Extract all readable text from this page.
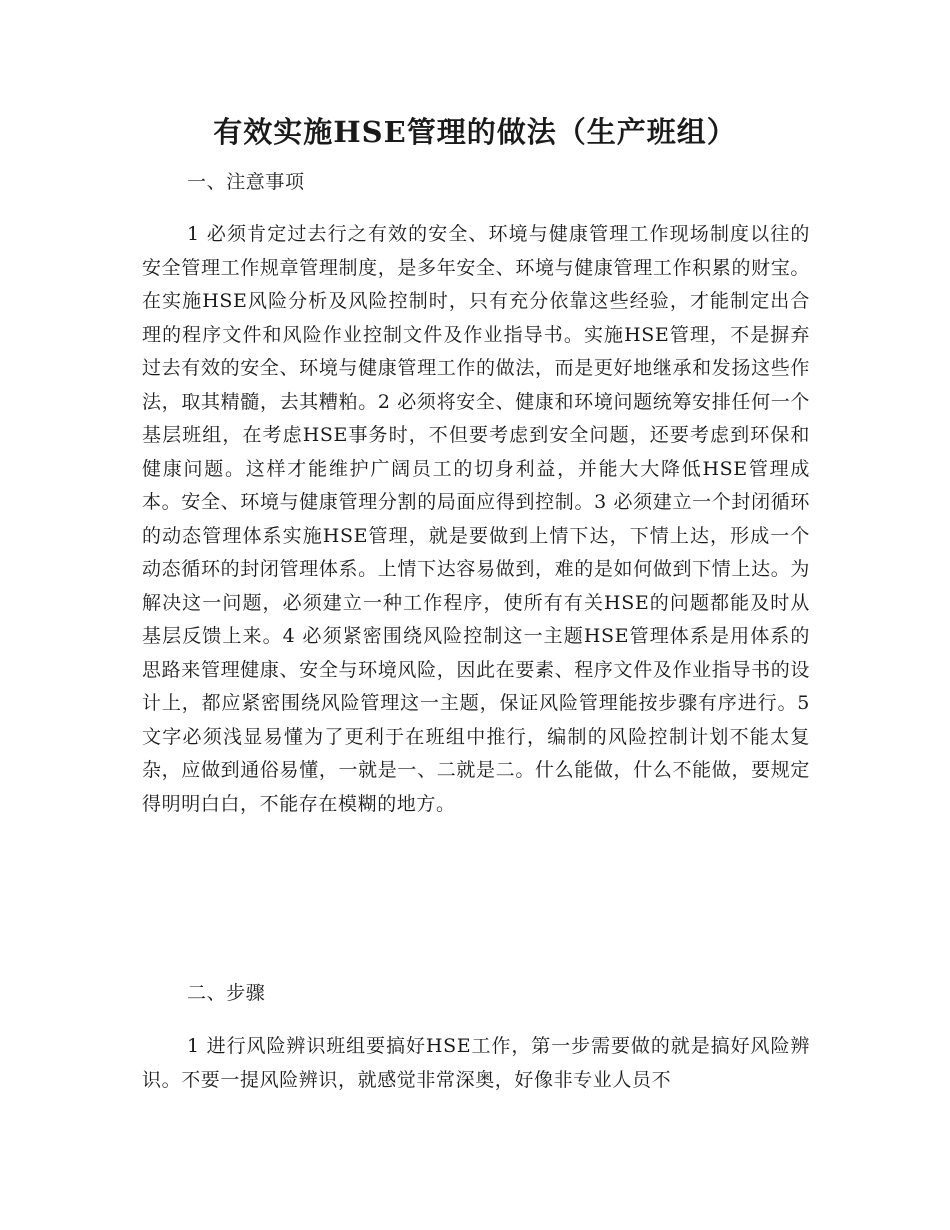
有效实施HSE管理的做法（生产班组）
一、注意事项
1 必须肯定过去行之有效的安全、环境与健康管理工作现场制度以往的安全管理工作规章管理制度，是多年安全、环境与健康管理工作积累的财宝。在实施HSE风险分析及风险控制时，只有充分依靠这些经验，才能制定出合理的程序文件和风险作业控制文件及作业指导书。实施HSE管理，不是摒弃过去有效的安全、环境与健康管理工作的做法，而是更好地继承和发扬这些作法，取其精髓，去其糟粕。2 必须将安全、健康和环境问题统筹安排任何一个基层班组，在考虑HSE事务时，不但要考虑到安全问题，还要考虑到环保和健康问题。这样才能维护广阔员工的切身利益，并能大大降低HSE管理成本。安全、环境与健康管理分割的局面应得到控制。3 必须建立一个封闭循环的动态管理体系实施HSE管理，就是要做到上情下达，下情上达，形成一个动态循环的封闭管理体系。上情下达容易做到，难的是如何做到下情上达。为解决这一问题，必须建立一种工作程序，使所有有关HSE的问题都能及时从基层反馈上来。4 必须紧密围绕风险控制这一主题HSE管理体系是用体系的思路来管理健康、安全与环境风险，因此在要素、程序文件及作业指导书的设计上，都应紧密围绕风险管理这一主题，保证风险管理能按步骤有序进行。5 文字必须浅显易懂为了更利于在班组中推行，编制的风险控制计划不能太复杂，应做到通俗易懂，一就是一、二就是二。什么能做，什么不能做，要规定得明明白白，不能存在模糊的地方。
二、步骤
1 进行风险辨识班组要搞好HSE工作，第一步需要做的就是搞好风险辨识。不要一提风险辨识，就感觉非常深奥，好像非专业人员不
